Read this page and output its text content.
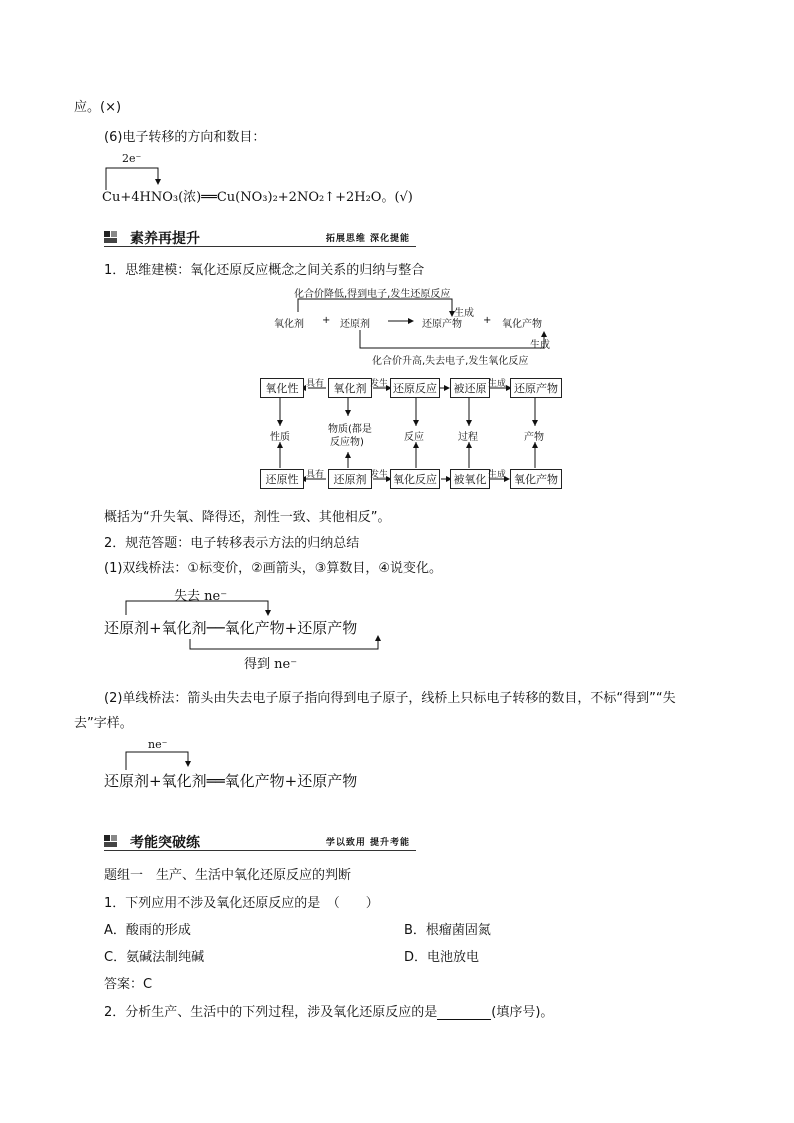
应。(×)
(6)电子转移的方向和数目：
2e⁻
Cu+4HNO₃(浓)══Cu(NO₃)₂+2NO₂↑+2H₂O。(√)
素养再提升	拓展思维 深化提能
1．思维建模：氧化还原反应概念之间关系的归纳与整合
化合价降低,得到电子,发生还原反应
生成
氧化剂 + 还原剂	还原产物 + 氧化产物
生成
化合价升高,失去电子,发生氧化反应
氧化性	氧化剂	还原反应	被还原	还原产物
具有	发生	生成
性质
物质(都是
反应物)	反应	过程	产物
还原性	还原剂	氧化反应	被氧化	氧化产物
具有	发生	生成
概括为“升失氧、降得还，剂性一致、其他相反”。
2．规范答题：电子转移表示方法的归纳总结
(1)双线桥法：①标变价，②画箭头，③算数目，④说变化。
失去 ne⁻
还原剂+氧化剂──氧化产物+还原产物
得到 ne⁻
(2)单线桥法：箭头由失去电子原子指向得到电子原子，线桥上只标电子转移的数目，不标“得到”“失
去”字样。
ne⁻
还原剂+氧化剂══氧化产物+还原产物
考能突破练	学以致用 提升考能
题组一　生产、生活中氧化还原反应的判断
1．下列应用不涉及氧化还原反应的是　（　　）
A．酸雨的形成	B．根瘤菌固氮
C．氨碱法制纯碱	D．电池放电
答案：C
2．分析生产、生活中的下列过程，涉及氧化还原反应的是	(填序号)。
